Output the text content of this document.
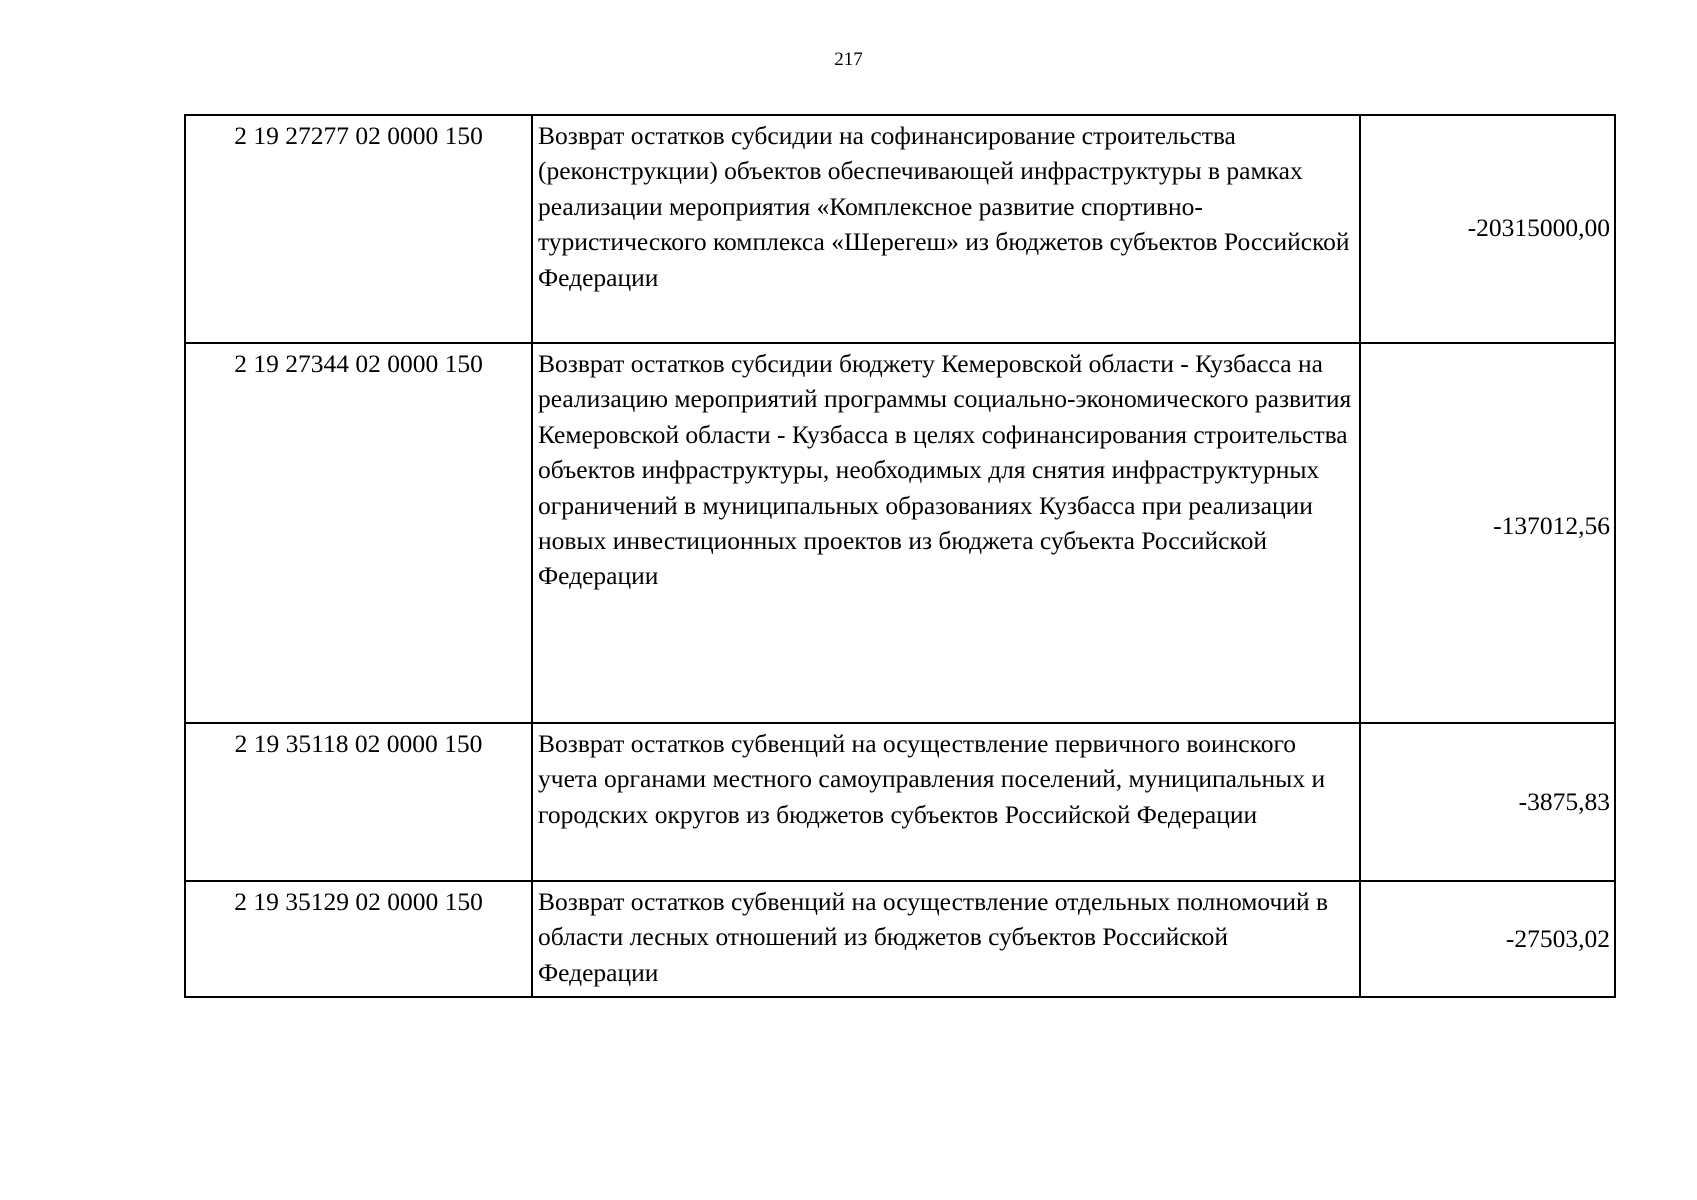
217
2 19 27277 02 0000 150	Возврат остатков субсидии на софинансирование строительства (реконструкции) объектов обеспечивающей инфраструктуры в рамках реализации мероприятия «Комплексное развитие спортивно-туристического комплекса «Шерегеш» из бюджетов субъектов Российской Федерации	-20315000,00

2 19 27344 02 0000 150	Возврат остатков субсидии бюджету Кемеровской области - Кузбасса на реализацию мероприятий программы социально-экономического развития Кемеровской области - Кузбасса в целях софинансирования строительства объектов инфраструктуры, необходимых для снятия инфраструктурных ограничений в муниципальных образованиях Кузбасса при реализации новых инвестиционных проектов из бюджета субъекта Российской Федерации	-137012,56

2 19 35118 02 0000 150	Возврат остатков субвенций на осуществление первичного воинского учета органами местного самоуправления поселений, муниципальных и городских округов из бюджетов субъектов Российской Федерации	-3875,83

2 19 35129 02 0000 150	Возврат остатков субвенций на осуществление отдельных полномочий в области лесных отношений из бюджетов субъектов Российской Федерации	-27503,02
